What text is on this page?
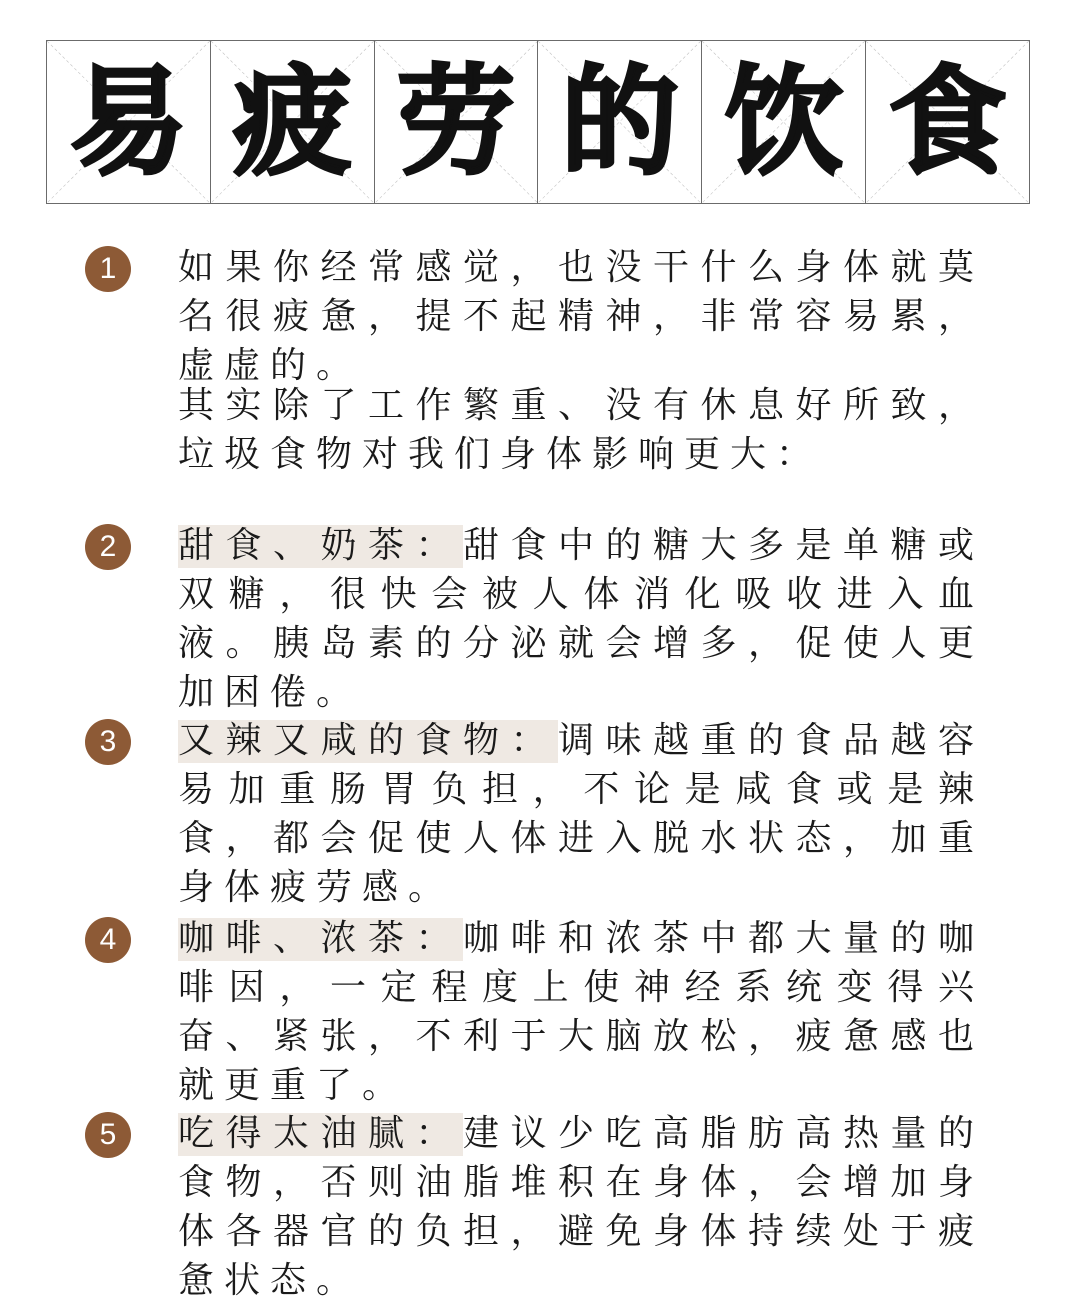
易 疲 劳 的 饮 食
1	如果你经常感觉，也没干什么身体就莫名很疲惫，提不起精神，非常容易累，虚虚的。

其实除了工作繁重、没有休息好所致，垃圾食物对我们身体影响更大：

2	甜食、奶茶：甜食中的糖大多是单糖或双糖，很快会被人体消化吸收进入血液。胰岛素的分泌就会增多，促使人更加困倦。

3	又辣又咸的食物：调味越重的食品越容易加重肠胃负担，不论是咸食或是辣食，都会促使人体进入脱水状态，加重身体疲劳感。

4	咖啡、浓茶：咖啡和浓茶中都大量的咖啡因，一定程度上使神经系统变得兴奋、紧张，不利于大脑放松，疲惫感也就更重了。

5	吃得太油腻：建议少吃高脂肪高热量的食物，否则油脂堆积在身体，会增加身体各器官的负担，避免身体持续处于疲惫状态。
